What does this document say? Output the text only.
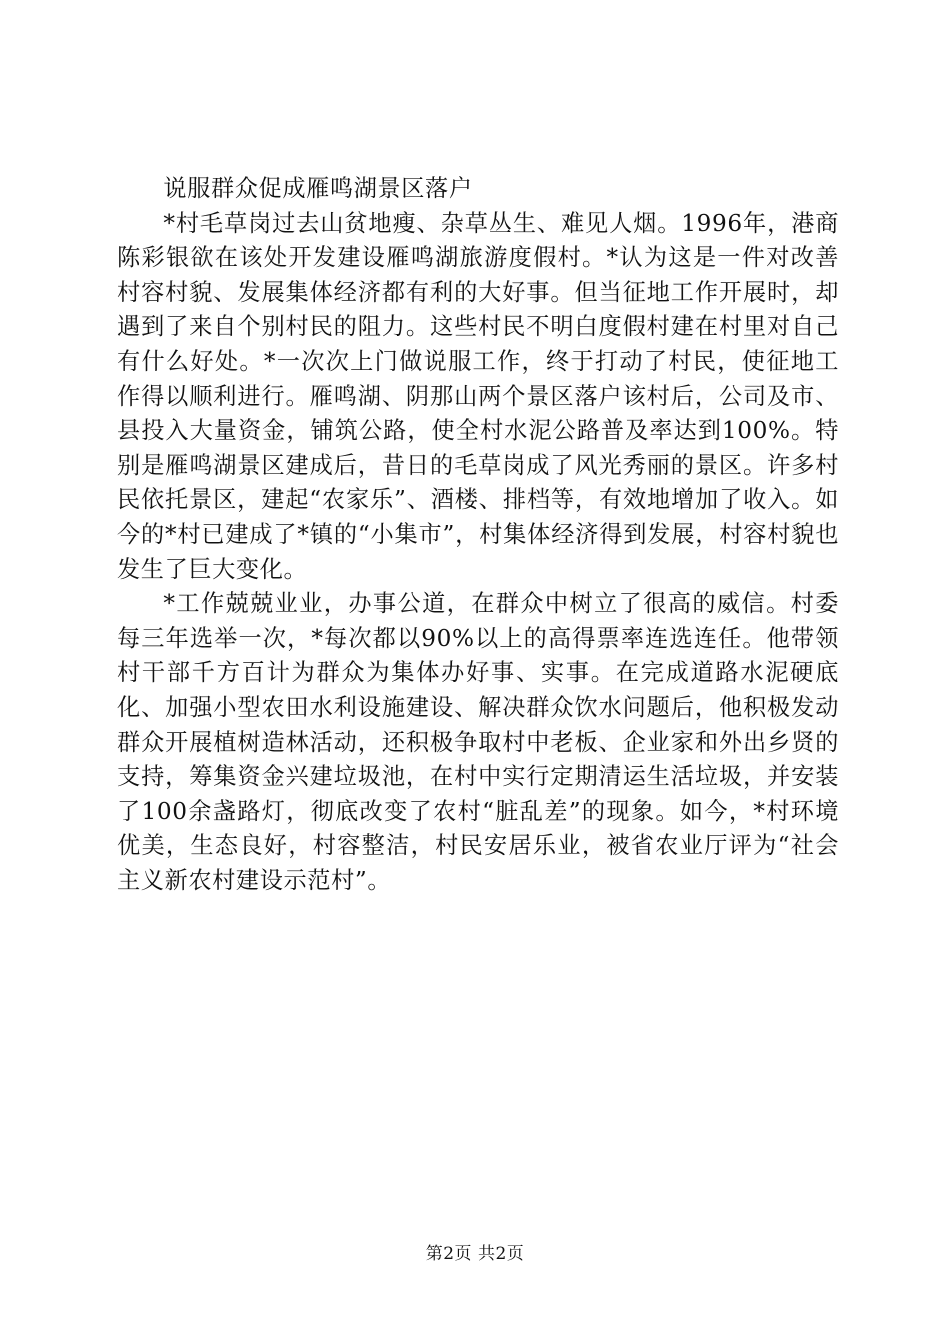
说服群众促成雁鸣湖景区落户

*村毛草岗过去山贫地瘦、杂草丛生、难见人烟。1996年，港商陈彩银欲在该处开发建设雁鸣湖旅游度假村。*认为这是一件对改善村容村貌、发展集体经济都有利的大好事。但当征地工作开展时，却遇到了来自个别村民的阻力。这些村民不明白度假村建在村里对自己有什么好处。*一次次上门做说服工作，终于打动了村民，使征地工作得以顺利进行。雁鸣湖、阴那山两个景区落户该村后，公司及市、县投入大量资金，铺筑公路，使全村水泥公路普及率达到100%。特别是雁鸣湖景区建成后，昔日的毛草岗成了风光秀丽的景区。许多村民依托景区，建起“农家乐”、酒楼、排档等，有效地增加了收入。如今的*村已建成了*镇的“小集市”，村集体经济得到发展，村容村貌也发生了巨大变化。

*工作兢兢业业，办事公道，在群众中树立了很高的威信。村委每三年选举一次，*每次都以90%以上的高得票率连选连任。他带领村干部千方百计为群众为集体办好事、实事。在完成道路水泥硬底化、加强小型农田水利设施建设、解决群众饮水问题后，他积极发动群众开展植树造林活动，还积极争取村中老板、企业家和外出乡贤的支持，筹集资金兴建垃圾池，在村中实行定期清运生活垃圾，并安装了100余盏路灯，彻底改变了农村“脏乱差”的现象。如今，*村环境优美，生态良好，村容整洁，村民安居乐业，被省农业厅评为“社会主义新农村建设示范村”。

第2页 共2页
